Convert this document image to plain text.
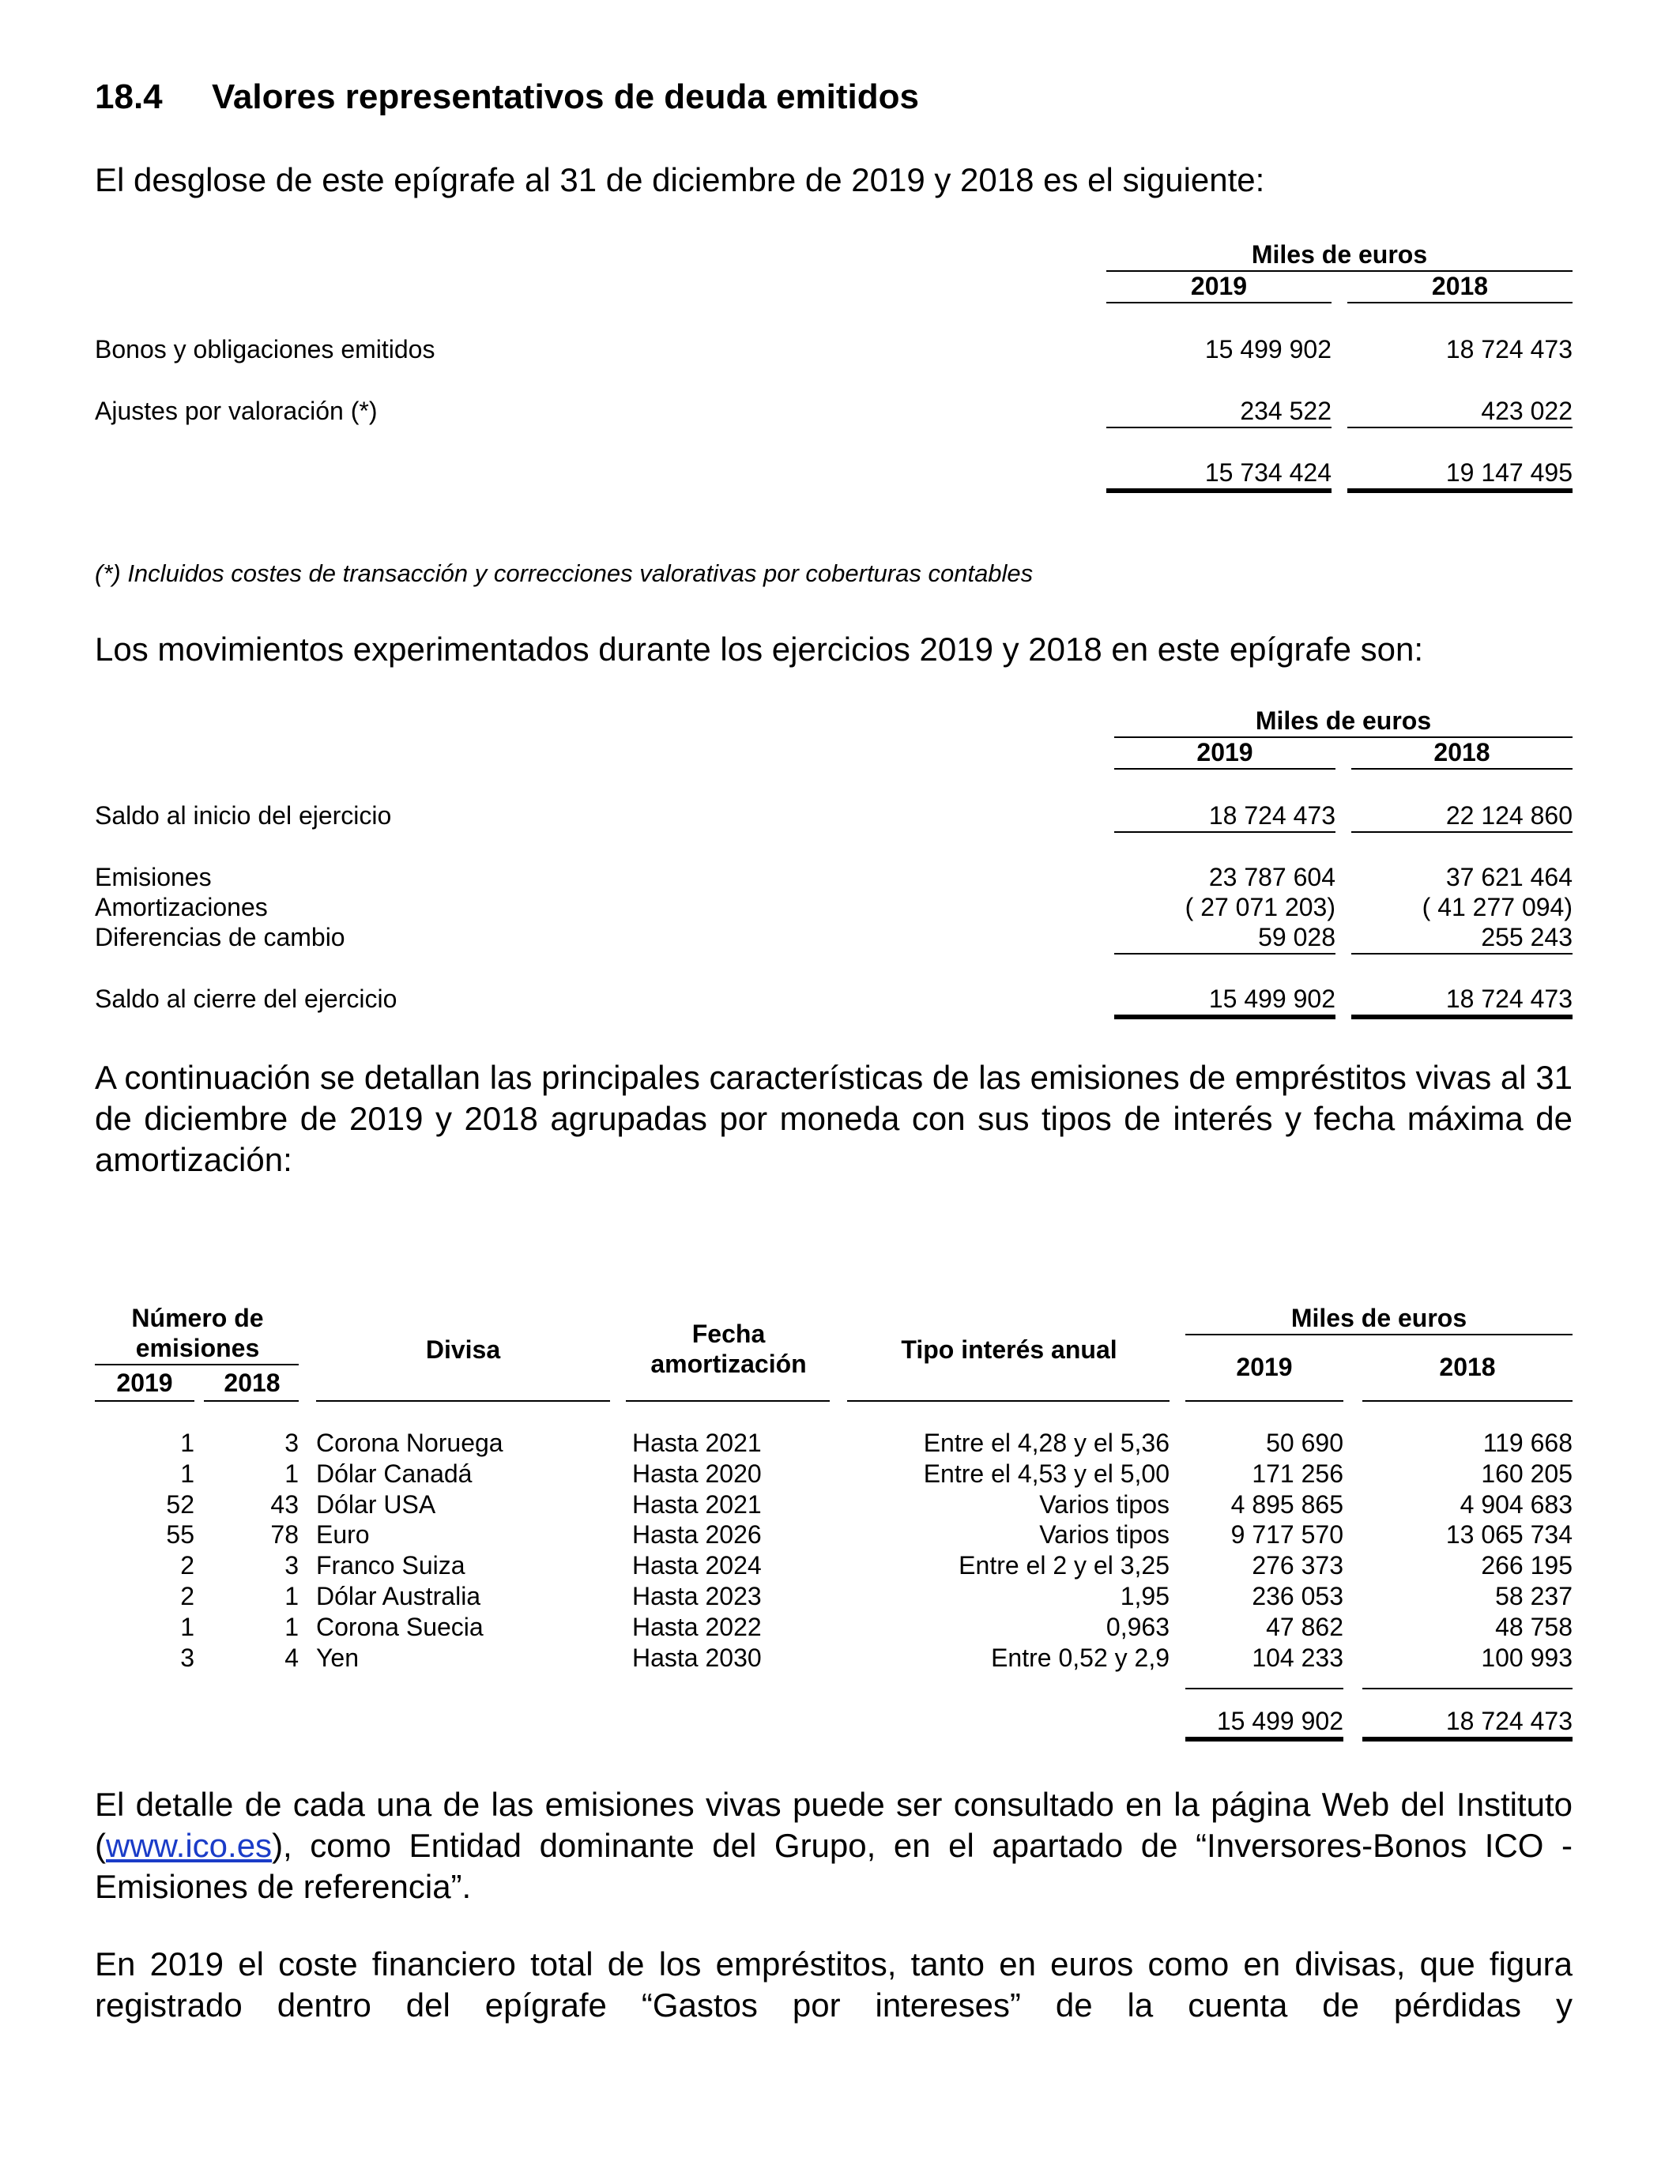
18.4 Valores representativos de deuda emitidos
El desglose de este epígrafe al 31 de diciembre de 2019 y 2018 es el siguiente:
Miles de euros
2019	2018
Bonos y obligaciones emitidos	15 499 902	18 724 473
Ajustes por valoración (*)	234 522	423 022
15 734 424	19 147 495
(*) Incluidos costes de transacción y correcciones valorativas por coberturas contables
Los movimientos experimentados durante los ejercicios 2019 y 2018 en este epígrafe son:
Miles de euros
2019	2018
Saldo al inicio del ejercicio	18 724 473	22 124 860
Emisiones	23 787 604	37 621 464
Amortizaciones	( 27 071 203)	( 41 277 094)
Diferencias de cambio	59 028	255 243
Saldo al cierre del ejercicio	15 499 902	18 724 473
A continuación se detallan las principales características de las emisiones de empréstitos vivas al 31 de diciembre de 2019 y 2018 agrupadas por moneda con sus tipos de interés y fecha máxima de amortización:
Número de
emisiones
2019	2018
Divisa
Fecha
amortización	Tipo interés anual
Miles de euros
2019	2018
1	3 Corona Noruega	Hasta 2021	Entre el 4,28 y el 5,36	50 690	119 668
1	1 Dólar Canadá	Hasta 2020	Entre el 4,53 y el 5,00	171 256	160 205
52	43 Dólar USA	Hasta 2021	Varios tipos	4 895 865	4 904 683
55	78 Euro	Hasta 2026	Varios tipos	9 717 570	13 065 734
2	3 Franco Suiza	Hasta 2024	Entre el 2 y el 3,25	276 373	266 195
2	1 Dólar Australia	Hasta 2023	1,95	236 053	58 237
1	1 Corona Suecia	Hasta 2022	0,963	47 862	48 758
3	4 Yen	Hasta 2030	Entre 0,52 y 2,9	104 233	100 993
15 499 902	18 724 473
El detalle de cada una de las emisiones vivas puede ser consultado en la página Web del Instituto (www.ico.es), como Entidad dominante del Grupo, en el apartado de “Inversores-Bonos ICO - Emisiones de referencia”.
En 2019 el coste financiero total de los empréstitos, tanto en euros como en divisas, que figura registrado dentro del epígrafe “Gastos por intereses” de la cuenta de pérdidas y
